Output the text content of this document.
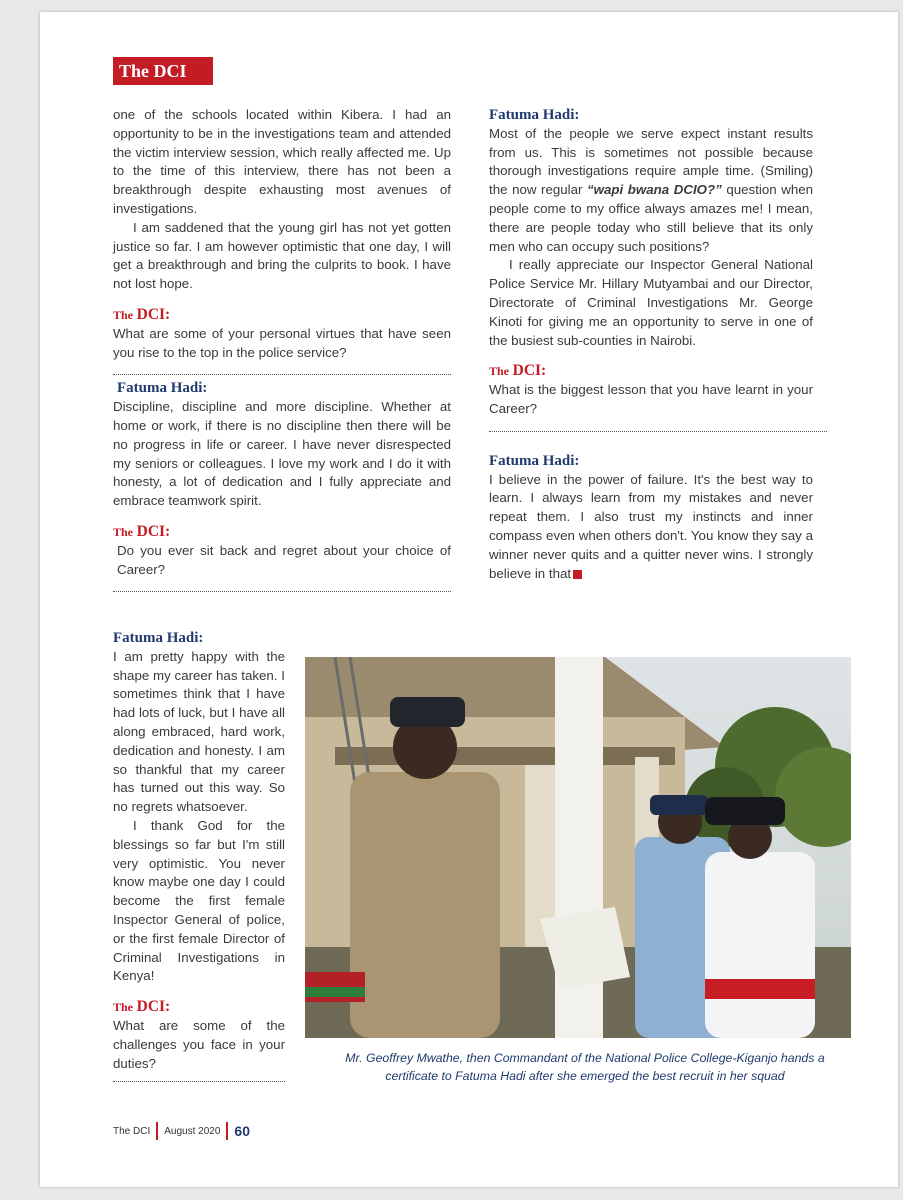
The DCI

one of the schools located within Kibera. I had an opportunity to be in the investigations team and attended the victim interview session, which really affected me. Up to the time of this interview, there has not been a breakthrough despite exhausting most avenues of investigations.

I am saddened that the young girl has not yet gotten justice so far. I am however optimistic that one day, I will get a breakthrough and bring the culprits to book. I have not lost hope.

The DCI:

What are some of your personal virtues that have seen you rise to the top in the police service?

Fatuma Hadi:

Discipline, discipline and more discipline. Whether at home or work, if there is no discipline then there will be no progress in life or career. I have never disrespected my seniors or colleagues. I love my work and I do it with honesty, a lot of dedication and I fully appreciate and embrace teamwork spirit.

The DCI:

Do you ever sit back and regret about your choice of Career?

Fatuma Hadi:

I am pretty happy with the shape my career has taken. I sometimes think that I have had lots of luck, but I have all along embraced, hard work, dedication and honesty. I am so thankful that my career has turned out this way. So no regrets whatsoever.

I thank God for the blessings so far but I'm still very optimistic. You never know maybe one day I could become the first female Inspector General of police, or the first female Director of Criminal Investigations in Kenya!

The DCI:

What are some of the challenges you face in your duties?

Fatuma Hadi:

Most of the people we serve expect instant results from us. This is sometimes not possible because thorough investigations require ample time. (Smiling) the now regular “wapi bwana DCIO?” question when people come to my office always amazes me! I mean, there are people today who still believe that its only men who can occupy such positions?

I really appreciate our Inspector General National Police Service Mr. Hillary Mutyambai and our Director, Directorate of Criminal Investigations Mr. George Kinoti for giving me an opportunity to serve in one of the busiest sub-counties in Nairobi.

The DCI:

What is the biggest lesson that you have learnt in your Career?

Fatuma Hadi:

I believe in the power of failure. It's the best way to learn. I always learn from my mistakes and never repeat them. I also trust my instincts and inner compass even when others don't. You know they say a winner never quits and a quitter never wins. I strongly believe in that

Mr. Geoffrey Mwathe, then Commandant of the National Police College-Kiganjo hands a certificate to Fatuma Hadi after she emerged the best recruit in her squad
The DCI August 2020 60
